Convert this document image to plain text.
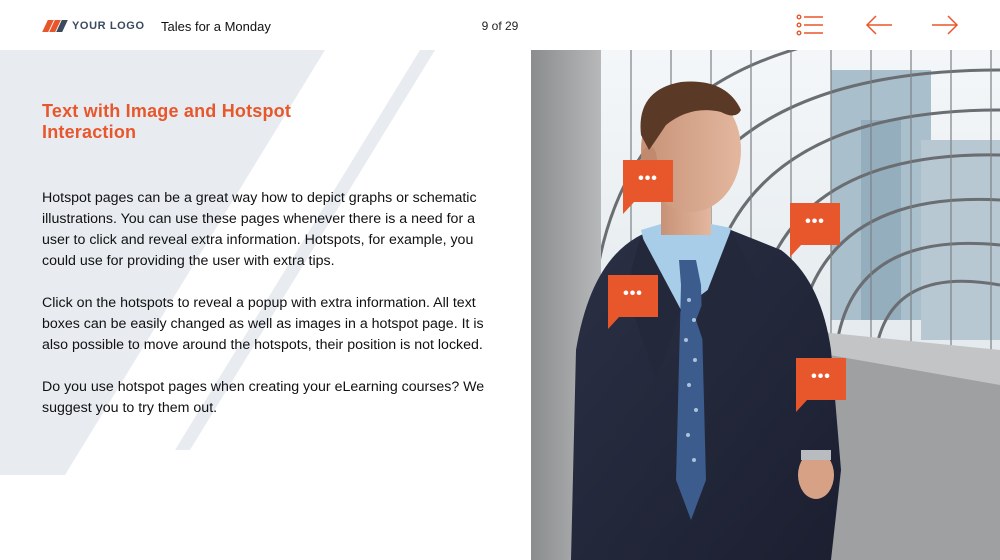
YOUR LOGO Tales for a Monday	9 of 29
Text with Image and Hotspot Interaction

Hotspot pages can be a great way how to depict graphs or schematic illustrations. You can use these pages whenever there is a need for a user to click and reveal extra information. Hotspots, for example, you could use for providing the user with extra tips.

Click on the hotspots to reveal a popup with extra information. All text boxes can be easily changed as well as images in a hotspot page. It is also possible to move around the hotspots, their position is not locked.

Do you use hotspot pages when creating your eLearning courses? We suggest you to try them out.

•••
•••
•••
•••
